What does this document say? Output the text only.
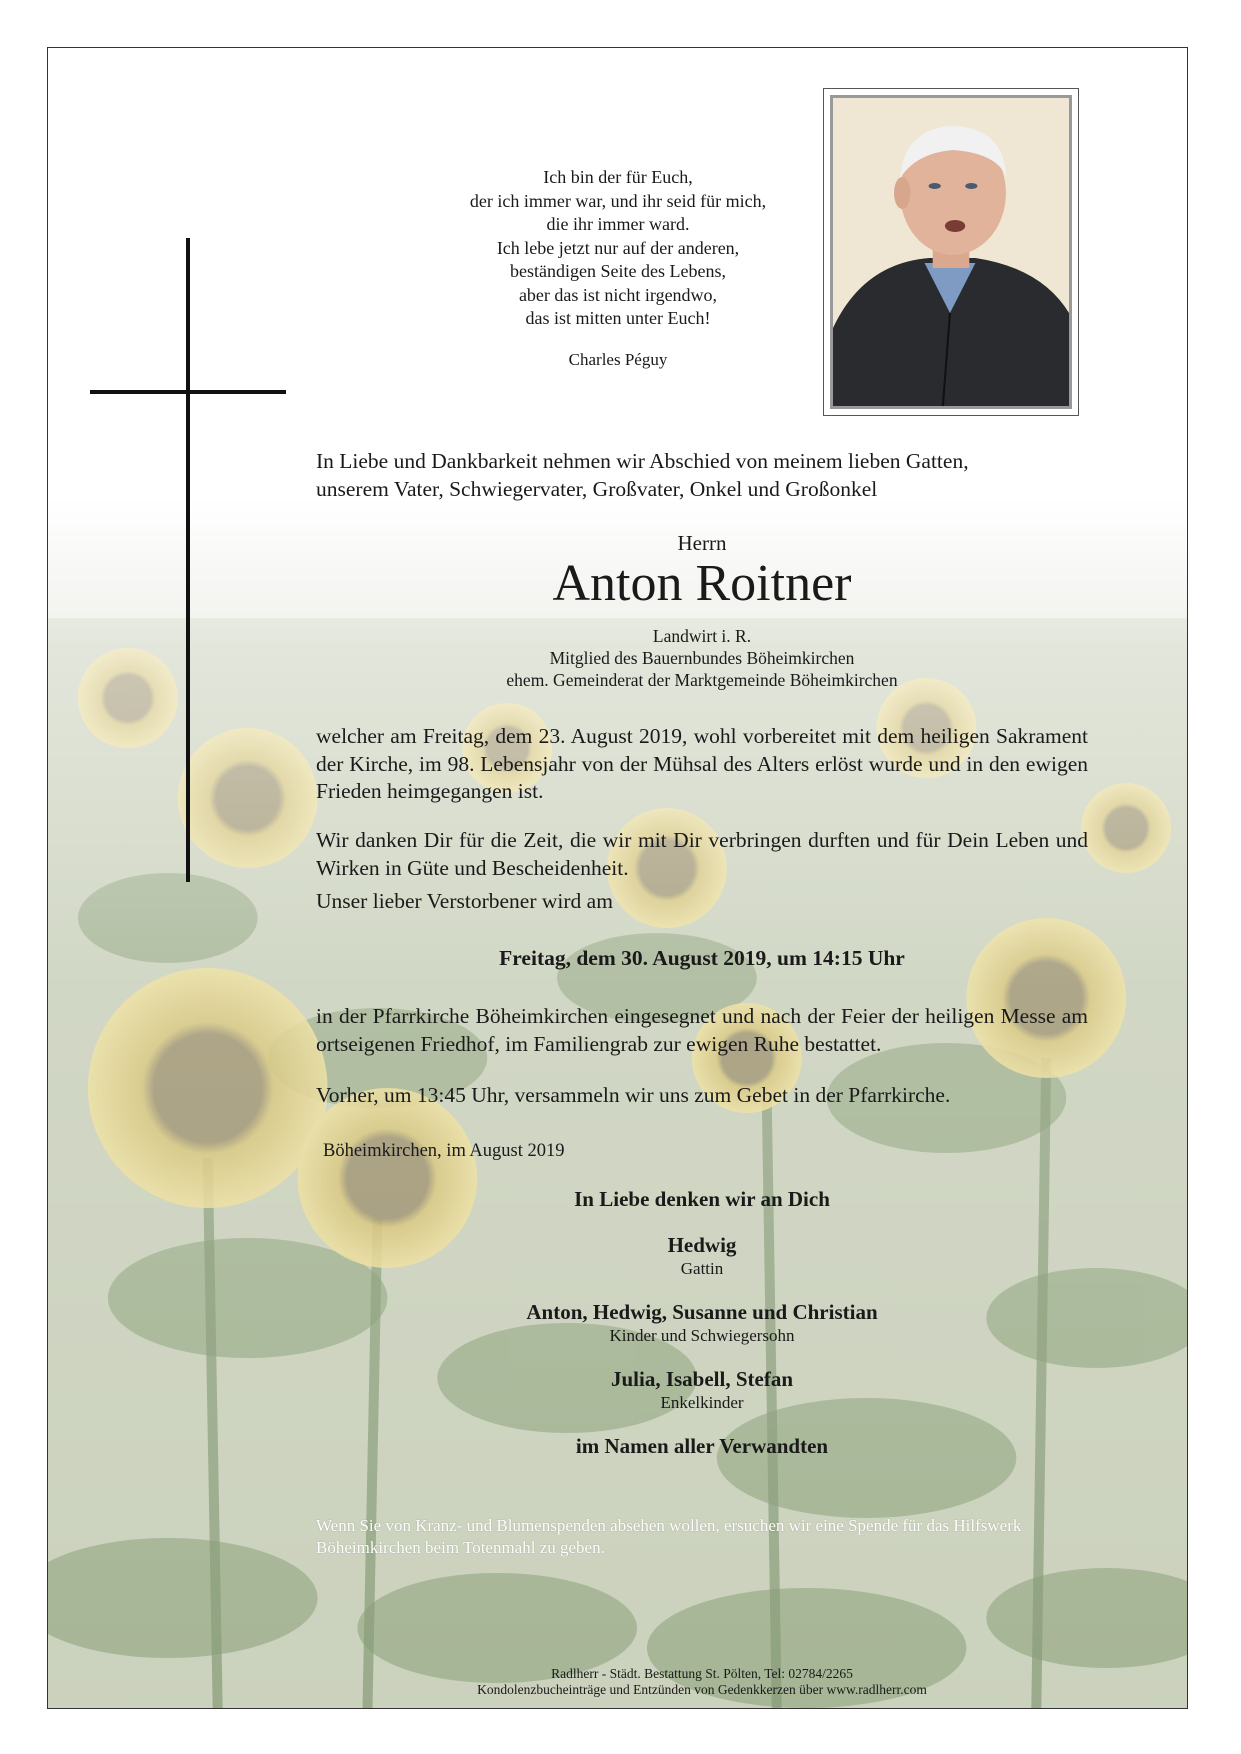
Ich bin der für Euch,
der ich immer war, und ihr seid für mich,
die ihr immer ward.
Ich lebe jetzt nur auf der anderen,
beständigen Seite des Lebens,
aber das ist nicht irgendwo,
das ist mitten unter Euch!
Charles Péguy
In Liebe und Dankbarkeit nehmen wir Abschied von meinem lieben Gatten,
unserem Vater, Schwiegervater, Großvater, Onkel und Großonkel
Herrn
Anton Roitner
Landwirt i. R.
Mitglied des Bauernbundes Böheimkirchen
ehem. Gemeinderat der Marktgemeinde Böheimkirchen
welcher am Freitag, dem 23. August 2019, wohl vorbereitet mit dem heiligen Sakrament der Kirche, im 98. Lebensjahr von der Mühsal des Alters erlöst wurde und in den ewigen Frieden heimgegangen ist.
Wir danken Dir für die Zeit, die wir mit Dir verbringen durften und für Dein Leben und Wirken in Güte und Bescheidenheit.
Unser lieber Verstorbener wird am
Freitag, dem 30. August 2019, um 14:15 Uhr
in der Pfarrkirche Böheimkirchen eingesegnet und nach der Feier der heiligen Messe am ortseigenen Friedhof, im Familiengrab zur ewigen Ruhe bestattet.
Vorher, um 13:45 Uhr, versammeln wir uns zum Gebet in der Pfarrkirche.
Böheimkirchen, im August 2019
In Liebe denken wir an Dich
Hedwig
Gattin
Anton, Hedwig, Susanne und Christian
Kinder und Schwiegersohn
Julia, Isabell, Stefan
Enkelkinder
im Namen aller Verwandten
Wenn Sie von Kranz- und Blumenspenden absehen wollen, ersuchen wir eine Spende für das Hilfswerk Böheimkirchen beim Totenmahl zu geben.
Radlherr - Städt. Bestattung St. Pölten, Tel: 02784/2265
Kondolenzbucheinträge und Entzünden von Gedenkkerzen über www.radlherr.com
